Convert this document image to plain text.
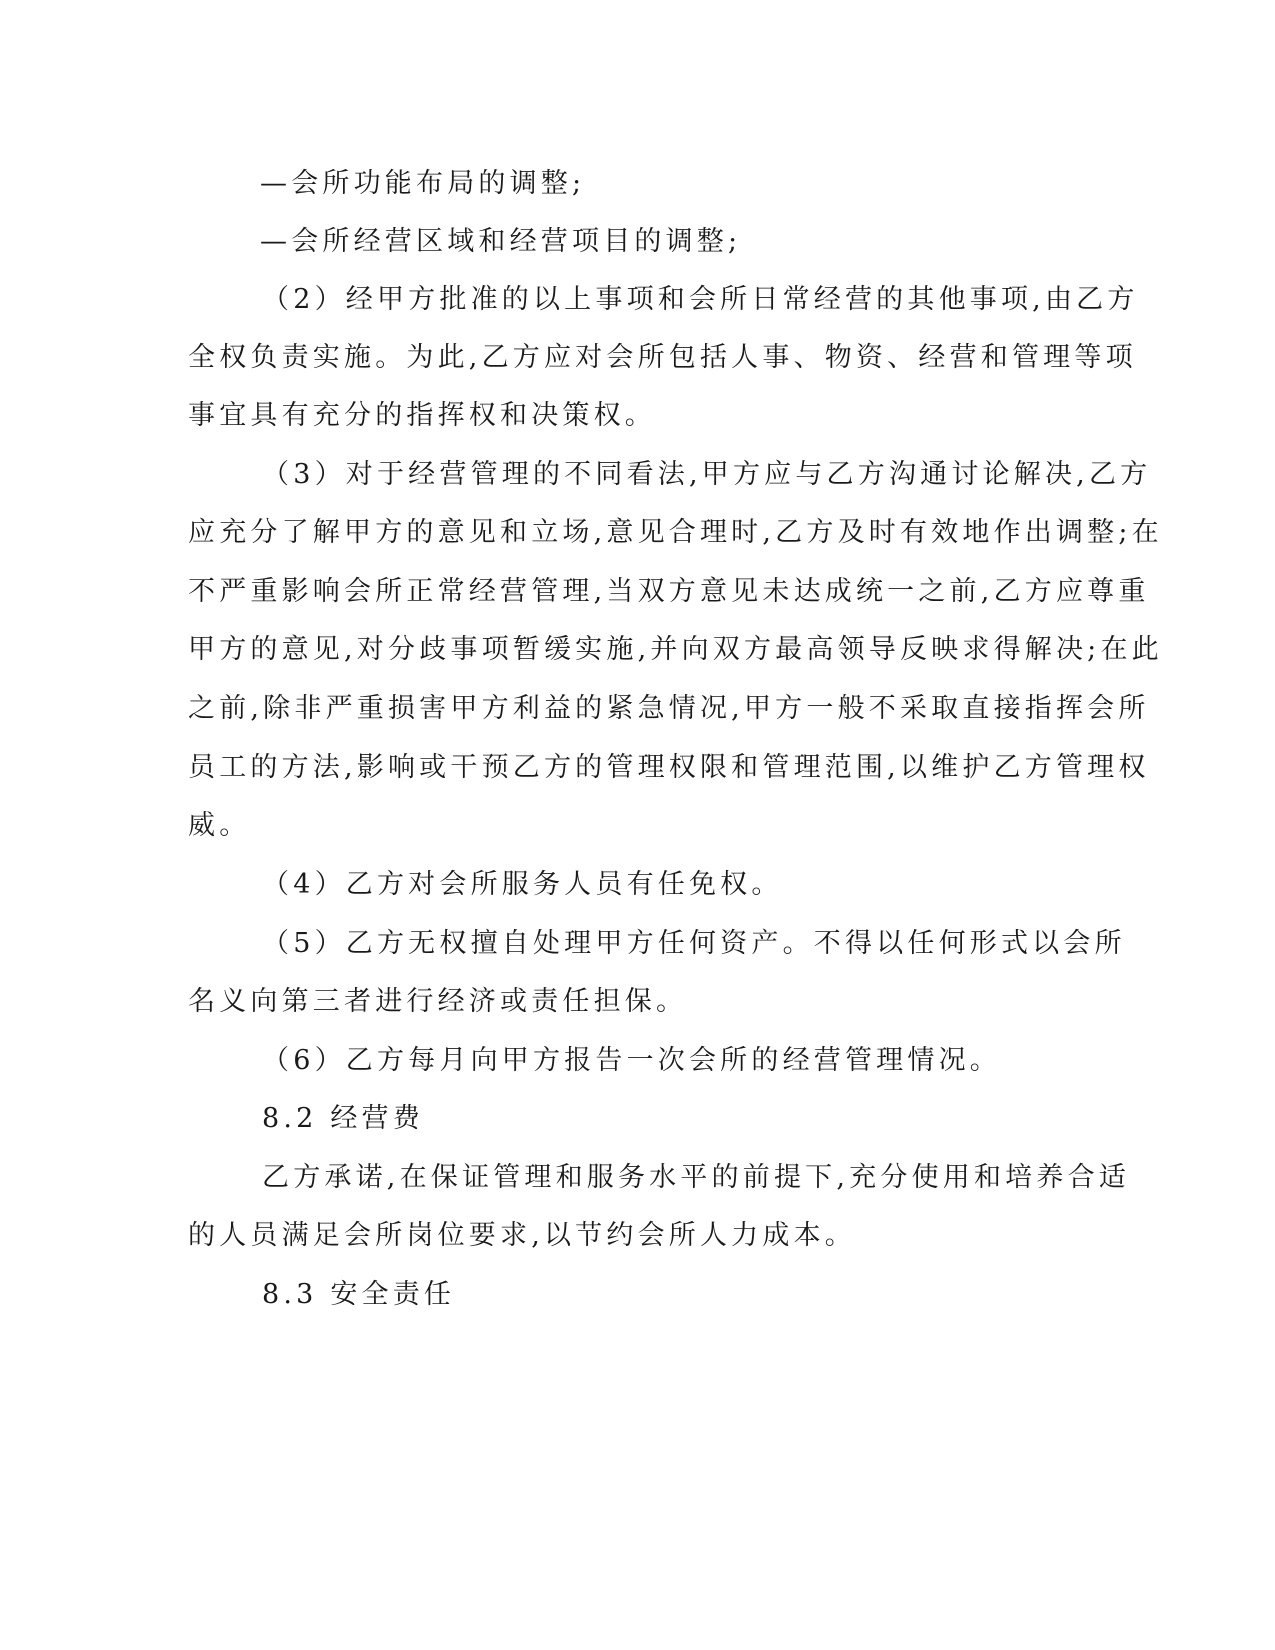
—会所功能布局的调整;
—会所经营区域和经营项目的调整;
（2）经甲方批准的以上事项和会所日常经营的其他事项,由乙方
全权负责实施。为此,乙方应对会所包括人事、物资、经营和管理等项
事宜具有充分的指挥权和决策权。
（3）对于经营管理的不同看法,甲方应与乙方沟通讨论解决,乙方
应充分了解甲方的意见和立场,意见合理时,乙方及时有效地作出调整;在
不严重影响会所正常经营管理,当双方意见未达成统一之前,乙方应尊重
甲方的意见,对分歧事项暂缓实施,并向双方最高领导反映求得解决;在此
之前,除非严重损害甲方利益的紧急情况,甲方一般不采取直接指挥会所
员工的方法,影响或干预乙方的管理权限和管理范围,以维护乙方管理权
威。
（4）乙方对会所服务人员有任免权。
（5）乙方无权擅自处理甲方任何资产。不得以任何形式以会所
名义向第三者进行经济或责任担保。
（6）乙方每月向甲方报告一次会所的经营管理情况。
8.2 经营费
乙方承诺,在保证管理和服务水平的前提下,充分使用和培养合适
的人员满足会所岗位要求,以节约会所人力成本。
8.3 安全责任
